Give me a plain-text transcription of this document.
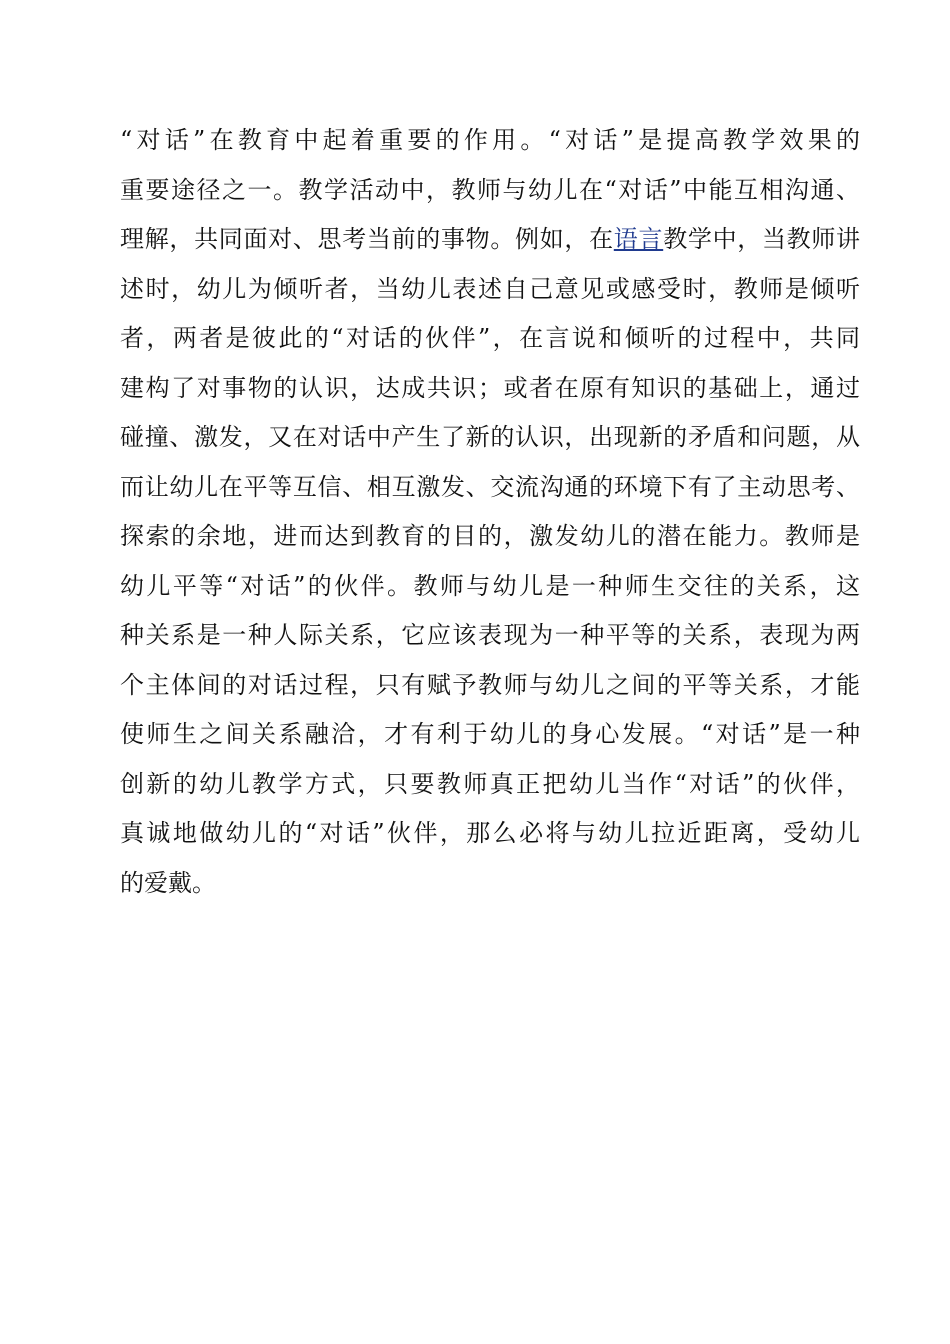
“对话”在教育中起着重要的作用。“对话”是提高教学效果的
重要途径之一。教学活动中，教师与幼儿在“对话”中能互相沟通、
理解，共同面对、思考当前的事物。例如，在语言教学中，当教师讲
述时，幼儿为倾听者，当幼儿表述自己意见或感受时，教师是倾听
者，两者是彼此的“对话的伙伴”，在言说和倾听的过程中，共同
建构了对事物的认识，达成共识；或者在原有知识的基础上，通过
碰撞、激发，又在对话中产生了新的认识，出现新的矛盾和问题，从
而让幼儿在平等互信、相互激发、交流沟通的环境下有了主动思考、
探索的余地，进而达到教育的目的，激发幼儿的潜在能力。教师是
幼儿平等“对话”的伙伴。教师与幼儿是一种师生交往的关系，这
种关系是一种人际关系，它应该表现为一种平等的关系，表现为两
个主体间的对话过程，只有赋予教师与幼儿之间的平等关系，才能
使师生之间关系融洽，才有利于幼儿的身心发展。“对话”是一种
创新的幼儿教学方式，只要教师真正把幼儿当作“对话”的伙伴，
真诚地做幼儿的“对话”伙伴，那么必将与幼儿拉近距离，受幼儿
的爱戴。
